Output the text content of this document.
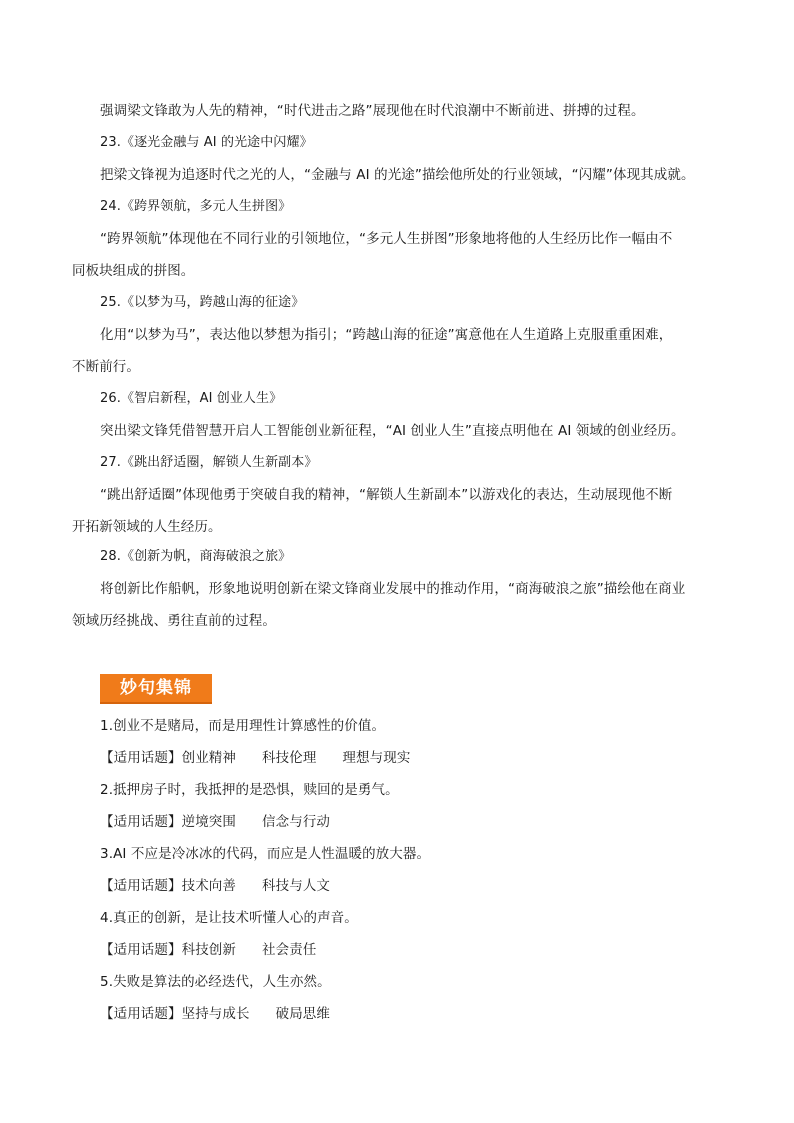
强调梁文锋敢为人先的精神，“时代进击之路”展现他在时代浪潮中不断前进、拼搏的过程。
23.《逐光金融与 AI 的光途中闪耀》
把梁文锋视为追逐时代之光的人，“金融与 AI 的光途”描绘他所处的行业领域，“闪耀”体现其成就。
24.《跨界领航，多元人生拼图》
“跨界领航”体现他在不同行业的引领地位，“多元人生拼图”形象地将他的人生经历比作一幅由不
同板块组成的拼图。
25.《以梦为马，跨越山海的征途》
化用“以梦为马”，表达他以梦想为指引；“跨越山海的征途”寓意他在人生道路上克服重重困难，
不断前行。
26.《智启新程，AI 创业人生》
突出梁文锋凭借智慧开启人工智能创业新征程，“AI 创业人生”直接点明他在 AI 领域的创业经历。
27.《跳出舒适圈，解锁人生新副本》
“跳出舒适圈”体现他勇于突破自我的精神，“解锁人生新副本”以游戏化的表达，生动展现他不断
开拓新领域的人生经历。
28.《创新为帆，商海破浪之旅》
将创新比作船帆，形象地说明创新在梁文锋商业发展中的推动作用，“商海破浪之旅”描绘他在商业
领域历经挑战、勇往直前的过程。
妙句集锦
1.创业不是赌局，而是用理性计算感性的价值。
【适用话题】创业精神 科技伦理 理想与现实
2.抵押房子时，我抵押的是恐惧，赎回的是勇气。
【适用话题】逆境突围 信念与行动
3.AI 不应是冷冰冰的代码，而应是人性温暖的放大器。
【适用话题】技术向善 科技与人文
4.真正的创新，是让技术听懂人心的声音。
【适用话题】科技创新 社会责任
5.失败是算法的必经迭代，人生亦然。
【适用话题】坚持与成长 破局思维
